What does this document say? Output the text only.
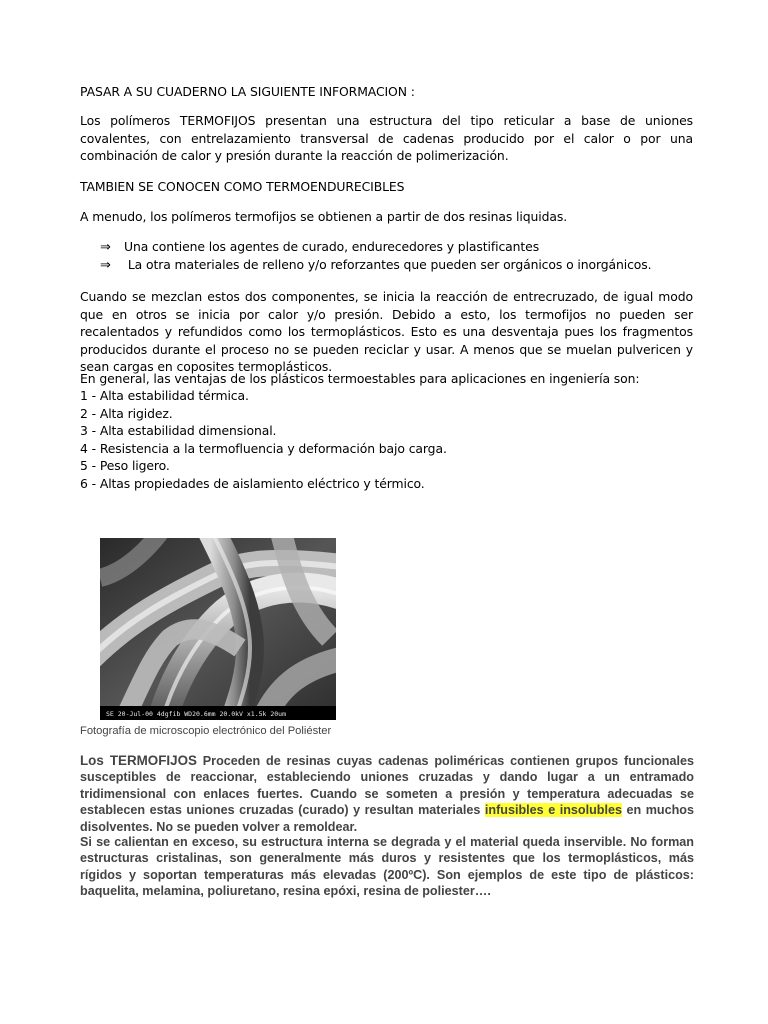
PASAR A SU CUADERNO LA SIGUIENTE INFORMACION :
Los polímeros TERMOFIJOS presentan una estructura del tipo reticular a base de uniones covalentes, con entrelazamiento transversal de cadenas producido por el calor o por una combinación de calor y presión durante la reacción de polimerización.
TAMBIEN SE CONOCEN COMO TERMOENDURECIBLES
A menudo, los polímeros termofijos se obtienen a partir de dos resinas liquidas.
⇒ Una contiene los agentes de curado, endurecedores y plastificantes
⇒ La otra materiales de relleno y/o reforzantes que pueden ser orgánicos o inorgánicos.
Cuando se mezclan estos dos componentes, se inicia la reacción de entrecruzado, de igual modo que en otros se inicia por calor y/o presión. Debido a esto, los termofijos no pueden ser recalentados y refundidos como los termoplásticos. Esto es una desventaja pues los fragmentos producidos durante el proceso no se pueden reciclar y usar. A menos que se muelan pulvericen y sean cargas en coposites termoplásticos.
En general, las ventajas de los plásticos termoestables para aplicaciones en ingeniería son:
1 - Alta estabilidad térmica.
2 - Alta rigidez.
3 - Alta estabilidad dimensional.
4 - Resistencia a la termofluencia y deformación bajo carga.
5 - Peso ligero.
6 - Altas propiedades de aislamiento eléctrico y térmico.
SE 20-Jul-00 4dgfib WD20.6mm 20.0kV x1.5k 20um
Fotografía de microscopio electrónico del Poliéster
Los TERMOFIJOS Proceden de resinas cuyas cadenas poliméricas contienen grupos funcionales susceptibles de reaccionar, estableciendo uniones cruzadas y dando lugar a un entramado tridimensional con enlaces fuertes. Cuando se someten a presión y temperatura adecuadas se establecen estas uniones cruzadas (curado) y resultan materiales infusibles e insolubles en muchos disolventes. No se pueden volver a remoldear.
Si se calientan en exceso, su estructura interna se degrada y el material queda inservible. No forman estructuras cristalinas, son generalmente más duros y resistentes que los termoplásticos, más rígidos y soportan temperaturas más elevadas (200ºC). Son ejemplos de este tipo de plásticos: baquelita, melamina, poliuretano, resina epóxi, resina de poliester….
